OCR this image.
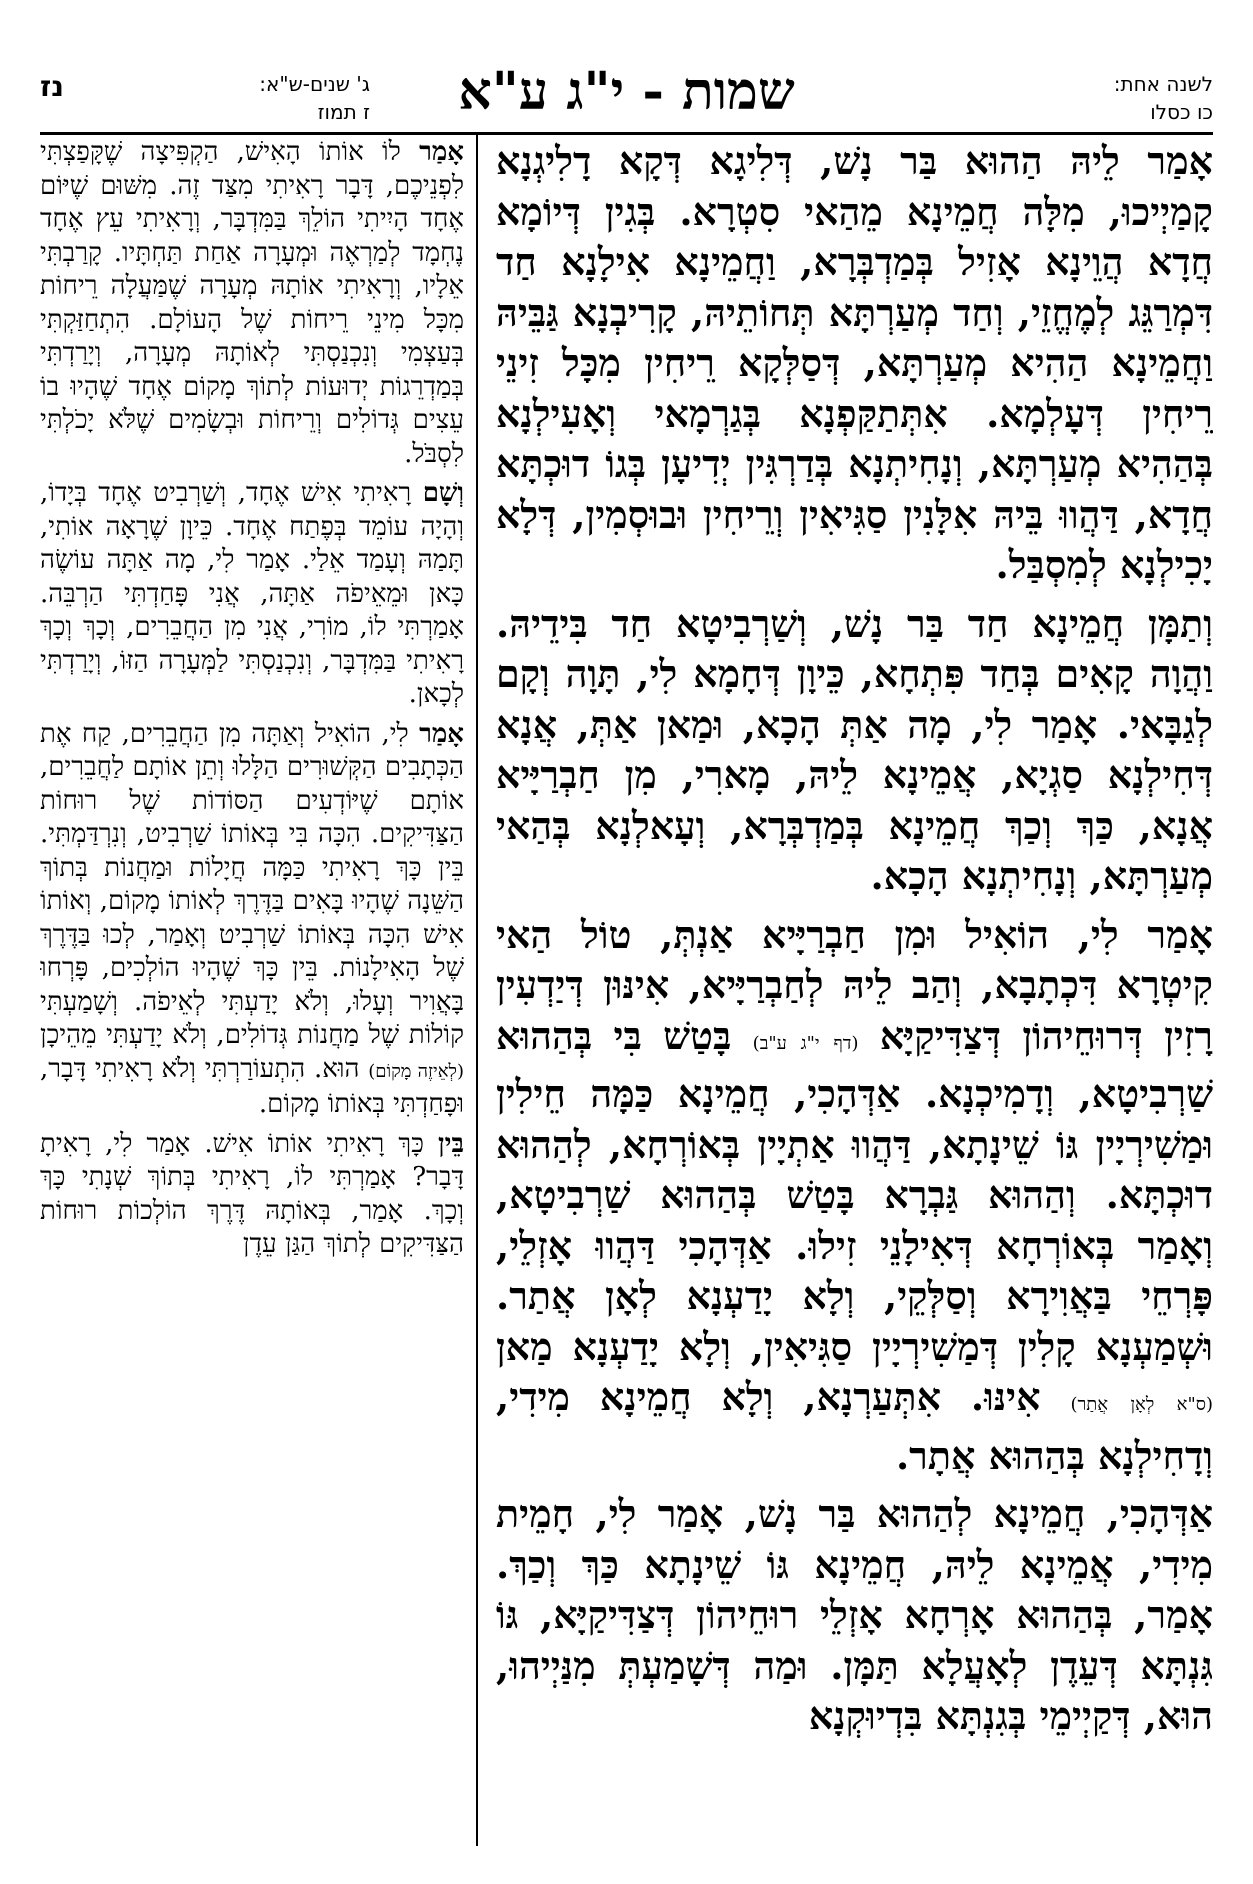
לשנה אחת:
כו כסלו
שמות - י"ג ע"א
נז	ג' שנים-ש"א:
ז תמוז

אָמַר לֵיהּ הַהוּא בַּר נָשׁ, דְּלִיגָא דְּקָא דָלִיגְנָא קָמַיְיכוּ, מִלָּה חֲמֵינָא מֵהַאי סִטְרָא. בְּגִין דְּיוֹמָא חֲדָא הֲוֵינָא אָזִיל בְּמַדְבְּרָא, וַחֲמֵינָא אִילָנָא חַד דִּמְרַגֵּג לְמֶחֱזֵי, וְחַד מְעַרְתָּא תְּחוֹתֵיהּ, קָרִיבְנָא גַּבֵּיהּ וַחֲמֵינָא הַהִיא מְעַרְתָּא, דְּסַלְּקָא רֵיחִין מִכָּל זִינֵי רֵיחִין דְּעָלְמָא. אִתְּתַקַּפְנָא בְּגַרְמָאי וְאָעִילְנָא בְּהַהִיא מְעַרְתָּא, וְנָחִיתְנָא בְּדַרְגִּין יְדִיעָן בְּגוֹ דוּכְתָּא חֲדָא, דַּהֲווּ בֵּיהּ אִלָּנִין סַגִּיאִין וְרֵיחִין וּבוּסְמִין, דְּלָא יָכִילְנָא לְמִסְבַּל.

וְתַמָּן חֲמֵינָא חַד בַּר נָשׁ, וְשַׁרְבִיטָא חַד בִּידֵיהּ. וַהֲוָה קָאִים בְּחַד פִּתְחָא, כֵּיוָן דְּחָמָא לִי, תָּוָה וְקָם לְגַבָּאי. אָמַר לִי, מָה אַתְּ הָכָא, וּמַאן אַתְּ, אֲנָא דְּחִילְנָא סַגְיָא, אֲמֵינָא לֵיהּ, מָארִי, מִן חַבְרַיָּיא אֲנָא, כַּךְ וְכַךְ חֲמֵינָא בְּמַדְבְּרָא, וְעָאלְנָא בְּהַאי מְעַרְתָּא, וְנָחִיתְנָא הָכָא.

אָמַר לִי, הוֹאִיל וּמִן חַבְרַיָּיא אַנְתְּ, טוֹל הַאי קִיטְרָא דִּכְתָבָא, וְהַב לֵיהּ לְחַבְרַיָּיא, אִינּוּן דְּיַדְעִין רָזִין דְּרוּחֵיהוֹן דְּצַדִּיקַיָּא (דף י"ג ע"ב) בָּטַשׁ בִּי בְּהַהוּא שַׁרְבִיטָא, וְדָמִיכְנָא. אַדְּהָכִי, חֲמֵינָא כַּמָּה חֵילִין וּמַשִׁירְיָין גּוֹ שֵׁינָתָא, דַּהֲווּ אַתְיָין בְּאוֹרְחָא, לְהַהוּא דוּכְתָּא. וְהַהוּא גַּבְרָא בָּטַשׁ בְּהַהוּא שַׁרְבִיטָא, וְאָמַר בְּאוֹרְחָא דְּאִילָנֵי זִילוּ. אַדְּהָכִי דַּהֲווּ אָזְלֵי, פָּרְחֵי בַּאֲוִירָא וְסַלְּקֵי, וְלָא יָדַעְנָא לְאָן אֲתַר. וּשְׁמַעְנָא קָלִין דְּמַשִׁירְיָין סַגִּיאִין, וְלָא יָדַעְנָא מַאן (ס"א לְאָן אֲתַר) אִינּוּ. אִתְּעַרְנָא, וְלָא חֲמֵינָא מִידִי, וְדָחִילְנָא בְּהַהוּא אֲתָר.

אַדְּהָכִי, חֲמֵינָא לְהַהוּא בַּר נָשׁ, אָמַר לִי, חָמֵית מִידִי, אֲמֵינָא לֵיהּ, חֲמֵינָא גּוֹ שֵׁינָתָא כַּךְ וְכַךְ. אָמַר, בְּהַהוּא אָרְחָא אָזְלֵי רוּחֵיהוֹן דְּצַדִּיקַיָּא, גּוֹ גִּנְתָּא דְּעֵדֶן לְאָעֲלָא תַּמָּן. וּמַה דְּשָׁמַעְתְּ מִנַּיְיהוּ, הוּא, דְּקַיְימֵי בְּגִנְתָּא בִּדְיוּקְנָא

אָמַר לוֹ אוֹתוֹ הָאִישׁ, הַקְפִּיצָה שֶׁקָּפַצְתִּי לִפְנֵיכֶם, דָּבָר רָאִיתִי מִצַּד זֶה. מִשּׁוּם שֶׁיּוֹם אֶחָד הָיִיתִי הוֹלֵךְ בַּמִּדְבָּר, וְרָאִיתִי עֵץ אֶחָד נֶחְמָד לְמַרְאֶה וּמְעָרָה אַחַת תַּחְתָּיו. קָרַבְתִּי אֵלָיו, וְרָאִיתִי אוֹתָהּ מְעָרָה שֶׁמַּעֲלָה רֵיחוֹת מִכָּל מִינֵי רֵיחוֹת שֶׁל הָעוֹלָם. הִתְחַזַּקְתִּי בְּעַצְמִי וְנִכְנַסְתִּי לְאוֹתָהּ מְעָרָה, וְיָרַדְתִּי בְּמַדְרֵגוֹת יְדוּעוֹת לְתוֹךְ מָקוֹם אֶחָד שֶׁהָיוּ בוֹ עֵצִים גְּדוֹלִים וְרֵיחוֹת וּבְשָׂמִים שֶׁלֹּא יָכֹלְתִּי לִסְבֹּל.

וְשָׁם רָאִיתִי אִישׁ אֶחָד, וְשַׁרְבִיט אֶחָד בְּיָדוֹ, וְהָיָה עוֹמֵד בְּפֶתַח אֶחָד. כֵּיוָן שֶׁרָאָה אוֹתִי, תָּמַהּ וְעָמַד אֵלַי. אָמַר לִי, מָה אַתָּה עוֹשֶׂה כָּאן וּמֵאֵיפֹה אַתָּה, אֲנִי פָּחַדְתִּי הַרְבֵּה. אָמַרְתִּי לוֹ, מוֹרִי, אֲנִי מִן הַחֲבֵרִים, וְכָךְ וְכָךְ רָאִיתִי בַּמִּדְבָּר, וְנִכְנַסְתִּי לַמְּעָרָה הַזּוֹ, וְיָרַדְתִּי לְכָאן.

אָמַר לִי, הוֹאִיל וְאַתָּה מִן הַחֲבֵרִים, קַח אֶת הַכְּתָבִים הַקְּשׁוּרִים הַלָּלוּ וְתֵן אוֹתָם לַחֲבֵרִים, אוֹתָם שֶׁיּוֹדְעִים הַסּוֹדוֹת שֶׁל רוּחוֹת הַצַּדִּיקִים. הִכָּה בִּי בְּאוֹתוֹ שַׁרְבִיט, וְנִרְדַּמְתִּי. בֵּין כָּךְ רָאִיתִי כַּמָּה חֲיָלוֹת וּמַחֲנוֹת בְּתוֹךְ הַשֵּׁנָה שֶׁהָיוּ בָּאִים בַּדֶּרֶךְ לְאוֹתוֹ מָקוֹם, וְאוֹתוֹ אִישׁ הִכָּה בְּאוֹתוֹ שַׁרְבִיט וְאָמַר, לְכוּ בַּדֶּרֶךְ שֶׁל הָאִילָנוֹת. בֵּין כָּךְ שֶׁהָיוּ הוֹלְכִים, פָּרְחוּ בָּאֲוִיר וְעָלוּ, וְלֹא יָדַעְתִּי לְאֵיפֹה. וְשָׁמַעְתִּי קוֹלוֹת שֶׁל מַחֲנוֹת גְּדוֹלִים, וְלֹא יָדַעְתִּי מֵהֵיכָן (לְאֵיזֶה מָקוֹם) הוּא. הִתְעוֹרַרְתִּי וְלֹא רָאִיתִי דָּבָר, וּפָחַדְתִּי בְּאוֹתוֹ מָקוֹם.

בֵּין כָּךְ רָאִיתִי אוֹתוֹ אִישׁ. אָמַר לִי, רָאִיתָ דָּבָר? אָמַרְתִּי לוֹ, רָאִיתִי בְּתוֹךְ שְׁנָתִי כָּךְ וְכָךְ. אָמַר, בְּאוֹתָהּ דֶּרֶךְ הוֹלְכוֹת רוּחוֹת הַצַּדִּיקִים לְתוֹךְ הַגַּן עֵדֶן
